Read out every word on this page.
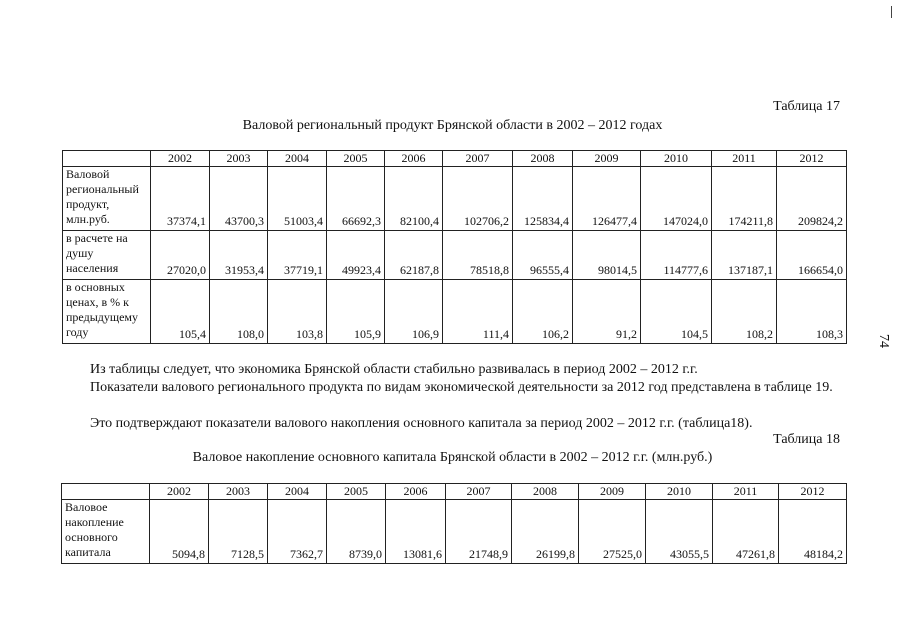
Таблица 17
Валовой региональный продукт Брянской области в 2002 – 2012 годах
	2002	2003	2004	2005	2006	2007	2008	2009	2010	2011	2012
Валовой
региональный
продукт,
млн.руб.	37374,1	43700,3	51003,4	66692,3	82100,4	102706,2	125834,4	126477,4	147024,0	174211,8	209824,2
в расчете на
душу
населения	27020,0	31953,4	37719,1	49923,4	62187,8	78518,8	96555,4	98014,5	114777,6	137187,1	166654,0
в основных
ценах, в % к
предыдущему
году	105,4	108,0	103,8	105,9	106,9	111,4	106,2	91,2	104,5	108,2	108,3
Из таблицы следует, что экономика Брянской области стабильно развивалась в период 2002 – 2012 г.г.
Показатели валового регионального продукта по видам экономической деятельности за 2012 год представлена в таблице 19.
Это подтверждают показатели валового накопления основного капитала за период 2002 – 2012 г.г. (таблица18).
Таблица 18
Валовое накопление основного капитала Брянской области в 2002 – 2012 г.г. (млн.руб.)
	2002	2003	2004	2005	2006	2007	2008	2009	2010	2011	2012
Валовое
накопление
основного
капитала	5094,8	7128,5	7362,7	8739,0	13081,6	21748,9	26199,8	27525,0	43055,5	47261,8	48184,2
74
